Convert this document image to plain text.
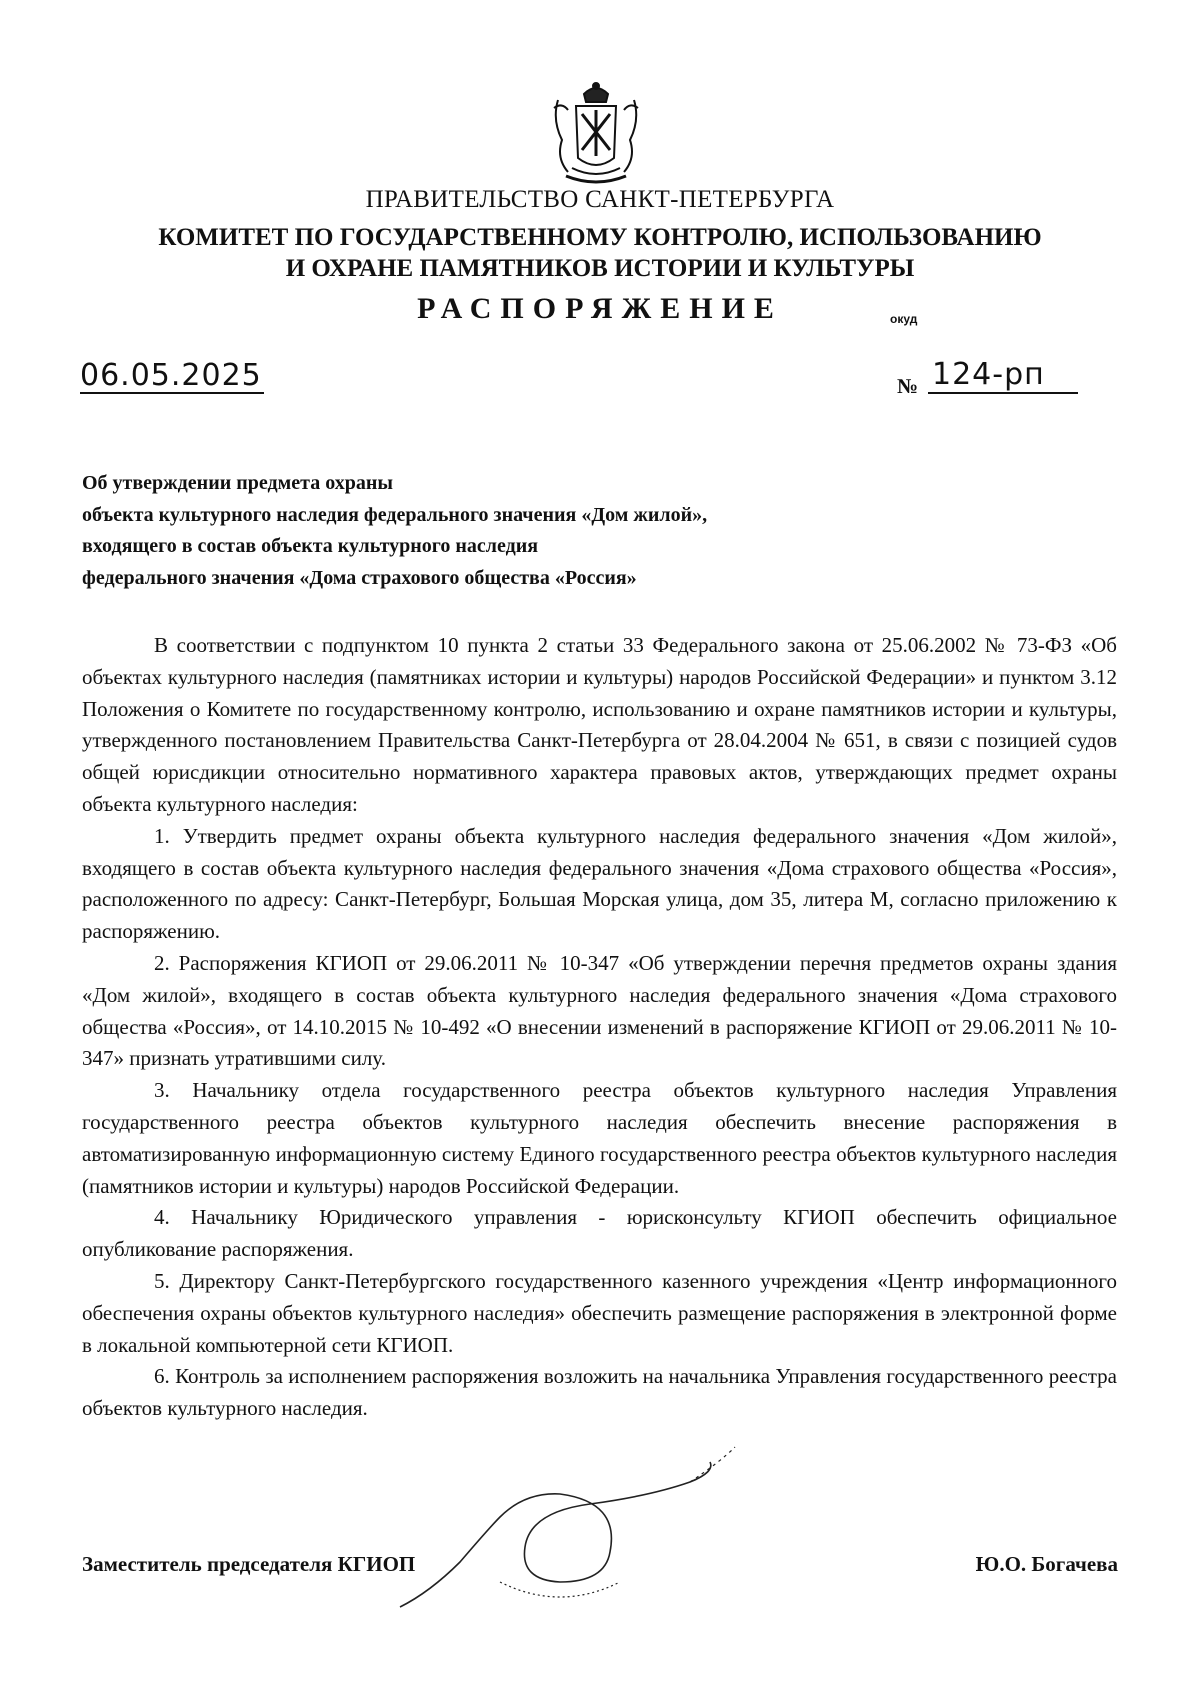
ПРАВИТЕЛЬСТВО САНКТ-ПЕТЕРБУРГА
КОМИТЕТ ПО ГОСУДАРСТВЕННОМУ КОНТРОЛЮ, ИСПОЛЬЗОВАНИЮ
И ОХРАНЕ ПАМЯТНИКОВ ИСТОРИИ И КУЛЬТУРЫ
РАСПОРЯЖЕНИЕ	окуд
06.05.2025	№ 124-рп
Об утверждении предмета охраны
объекта культурного наследия федерального значения «Дом жилой»,
входящего в состав объекта культурного наследия
федерального значения «Дома страхового общества «Россия»

В соответствии с подпунктом 10 пункта 2 статьи 33 Федерального закона от 25.06.2002 № 73-ФЗ «Об объектах культурного наследия (памятниках истории и культуры) народов Российской Федерации» и пунктом 3.12 Положения о Комитете по государственному контролю, использованию и охране памятников истории и культуры, утвержденного постановлением Правительства Санкт-Петербурга от 28.04.2004 № 651, в связи с позицией судов общей юрисдикции относительно нормативного характера правовых актов, утверждающих предмет охраны объекта культурного наследия:

1. Утвердить предмет охраны объекта культурного наследия федерального значения «Дом жилой», входящего в состав объекта культурного наследия федерального значения «Дома страхового общества «Россия», расположенного по адресу: Санкт-Петербург, Большая Морская улица, дом 35, литера М, согласно приложению к распоряжению.

2. Распоряжения КГИОП от 29.06.2011 № 10-347 «Об утверждении перечня предметов охраны здания «Дом жилой», входящего в состав объекта культурного наследия федерального значения «Дома страхового общества «Россия», от 14.10.2015 № 10-492 «О внесении изменений в распоряжение КГИОП от 29.06.2011 № 10-347» признать утратившими силу.

3. Начальнику отдела государственного реестра объектов культурного наследия Управления государственного реестра объектов культурного наследия обеспечить внесение распоряжения в автоматизированную информационную систему Единого государственного реестра объектов культурного наследия (памятников истории и культуры) народов Российской Федерации.

4. Начальнику Юридического управления - юрисконсульту КГИОП обеспечить официальное опубликование распоряжения.

5. Директору Санкт-Петербургского государственного казенного учреждения «Центр информационного обеспечения охраны объектов культурного наследия» обеспечить размещение распоряжения в электронной форме в локальной компьютерной сети КГИОП.

6. Контроль за исполнением распоряжения возложить на начальника Управления государственного реестра объектов культурного наследия.

Заместитель председателя КГИОП	Ю.О. Богачева
